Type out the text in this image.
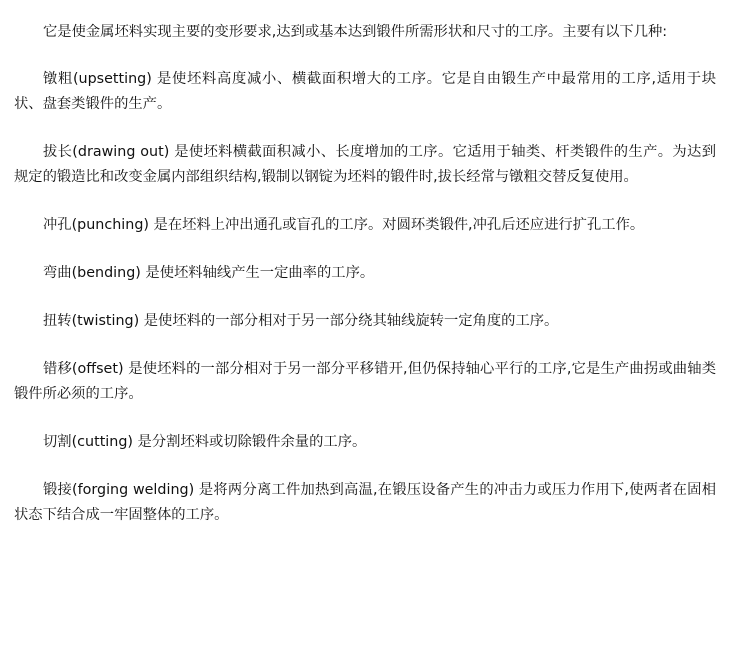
它是使金属坯料实现主要的变形要求,达到或基本达到锻件所需形状和尺寸的工序。主要有以下几种:

镦粗(upsetting) 是使坯料高度减小、横截面积增大的工序。它是自由锻生产中最常用的工序,适用于块状、盘套类锻件的生产。

拔长(drawing out) 是使坯料横截面积减小、长度增加的工序。它适用于轴类、杆类锻件的生产。为达到规定的锻造比和改变金属内部组织结构,锻制以钢锭为坯料的锻件时,拔长经常与镦粗交替反复使用。

冲孔(punching) 是在坯料上冲出通孔或盲孔的工序。对圆环类锻件,冲孔后还应进行扩孔工作。

弯曲(bending) 是使坯料轴线产生一定曲率的工序。

扭转(twisting) 是使坯料的一部分相对于另一部分绕其轴线旋转一定角度的工序。

错移(offset) 是使坯料的一部分相对于另一部分平移错开,但仍保持轴心平行的工序,它是生产曲拐或曲轴类锻件所必须的工序。

切割(cutting) 是分割坯料或切除锻件余量的工序。

锻接(forging welding) 是将两分离工件加热到高温,在锻压设备产生的冲击力或压力作用下,使两者在固相状态下结合成一牢固整体的工序。
